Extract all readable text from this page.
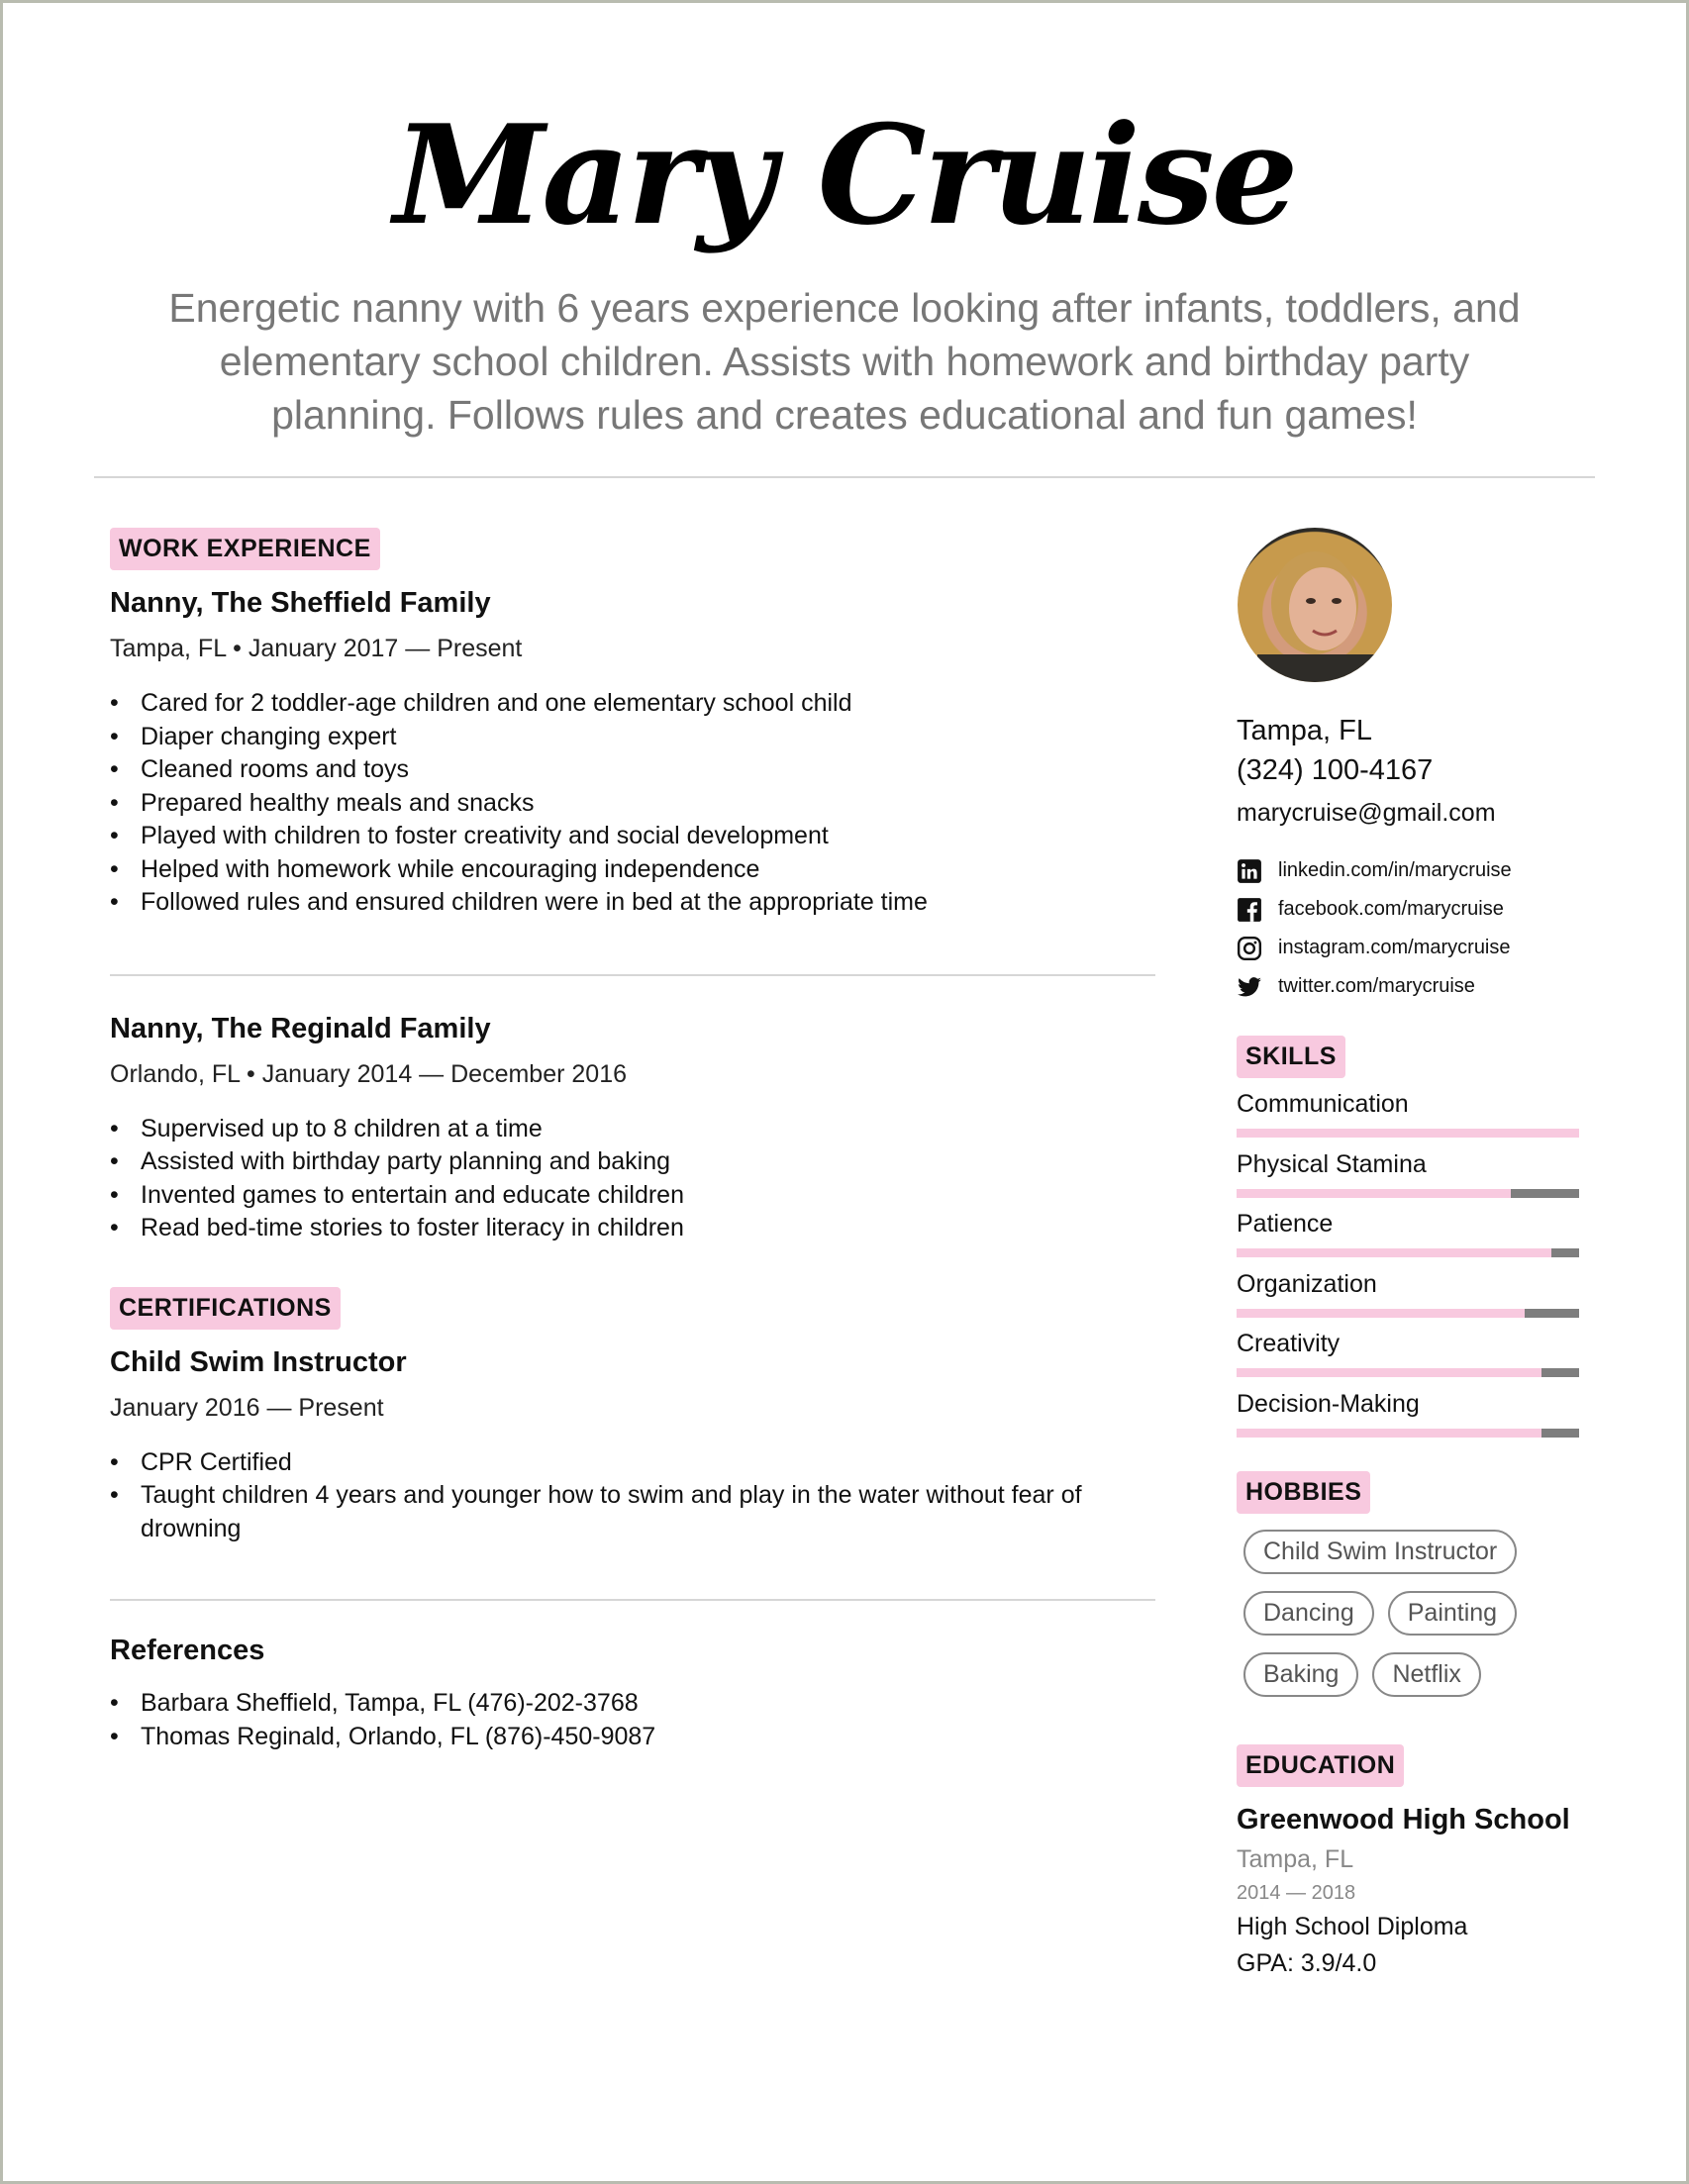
Mary Cruise
Energetic nanny with 6 years experience looking after infants, toddlers, and elementary school children. Assists with homework and birthday party planning. Follows rules and creates educational and fun games!
WORK EXPERIENCE
Nanny, The Sheffield Family
Tampa, FL • January 2017 — Present
• Cared for 2 toddler-age children and one elementary school child
• Diaper changing expert
• Cleaned rooms and toys
• Prepared healthy meals and snacks
• Played with children to foster creativity and social development
• Helped with homework while encouraging independence
• Followed rules and ensured children were in bed at the appropriate time
Nanny, The Reginald Family
Orlando, FL • January 2014 — December 2016
• Supervised up to 8 children at a time
• Assisted with birthday party planning and baking
• Invented games to entertain and educate children
• Read bed-time stories to foster literacy in children
CERTIFICATIONS
Child Swim Instructor
January 2016 — Present
• CPR Certified
• Taught children 4 years and younger how to swim and play in the water without fear of drowning
References
• Barbara Sheffield, Tampa, FL (476)-202-3768
• Thomas Reginald, Orlando, FL (876)-450-9087
Tampa, FL
(324) 100-4167
marycruise@gmail.com
linkedin.com/in/marycruise
facebook.com/marycruise
instagram.com/marycruise
twitter.com/marycruise
SKILLS
Communication
Physical Stamina
Patience
Organization
Creativity
Decision-Making
HOBBIES
Child Swim Instructor
Dancing Painting
Baking Netflix
EDUCATION
Greenwood High School
Tampa, FL
2014 — 2018
High School Diploma
GPA: 3.9/4.0
